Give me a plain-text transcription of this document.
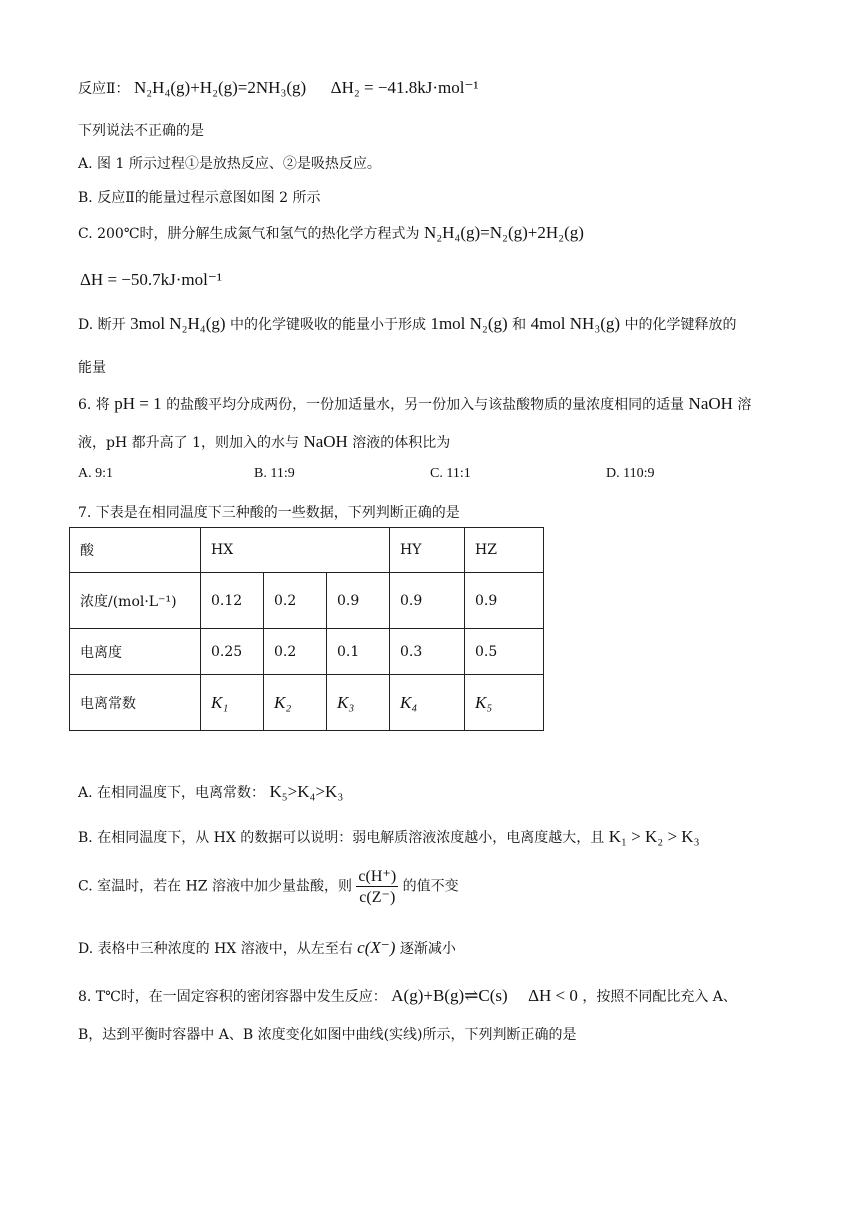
反应Ⅱ： N₂H₄(g)+H₂(g)=2NH₃(g) ΔH₂ = −41.8kJ·mol⁻¹
下列说法不正确的是
A. 图 1 所示过程①是放热反应、②是吸热反应。
B. 反应Ⅱ的能量过程示意图如图 2 所示
C. 200℃时，肼分解生成氮气和氢气的热化学方程式为 N₂H₄(g)=N₂(g)+2H₂(g)
ΔH = −50.7kJ·mol⁻¹
D. 断开 3mol N₂H₄(g) 中的化学键吸收的能量小于形成 1mol N₂(g) 和 4mol NH₃(g) 中的化学键释放的
能量
6. 将 pH = 1 的盐酸平均分成两份，一份加适量水，另一份加入与该盐酸物质的量浓度相同的适量 NaOH 溶
液，pH 都升高了 1，则加入的水与 NaOH 溶液的体积比为
A. 9:1	B. 11:9	C. 11:1	D. 110:9
7. 下表是在相同温度下三种酸的一些数据，下列判断正确的是
酸	HX			HY	HZ
浓度/(mol·L⁻¹)	0.12	0.2	0.9	0.9	0.9
电离度	0.25	0.2	0.1	0.3	0.5
电离常数	K₁	K₂	K₃	K₄	K₅
A. 在相同温度下，电离常数： K₅>K₄>K₃
B. 在相同温度下，从 HX 的数据可以说明：弱电解质溶液浓度越小，电离度越大，且 K₁ > K₂ > K₃
C. 室温时，若在 HZ 溶液中加少量盐酸，则 $\frac{c(H^+)}{c(Z^-)}$ 的值不变
D. 表格中三种浓度的 HX 溶液中，从左至右 c(X⁻) 逐渐减小
8. T℃时，在一固定容积的密闭容器中发生反应： A(g)+B(g)⇌C(s) ΔH < 0 ，按照不同配比充入 A、
B，达到平衡时容器中 A、B 浓度变化如图中曲线(实线)所示，下列判断正确的是
